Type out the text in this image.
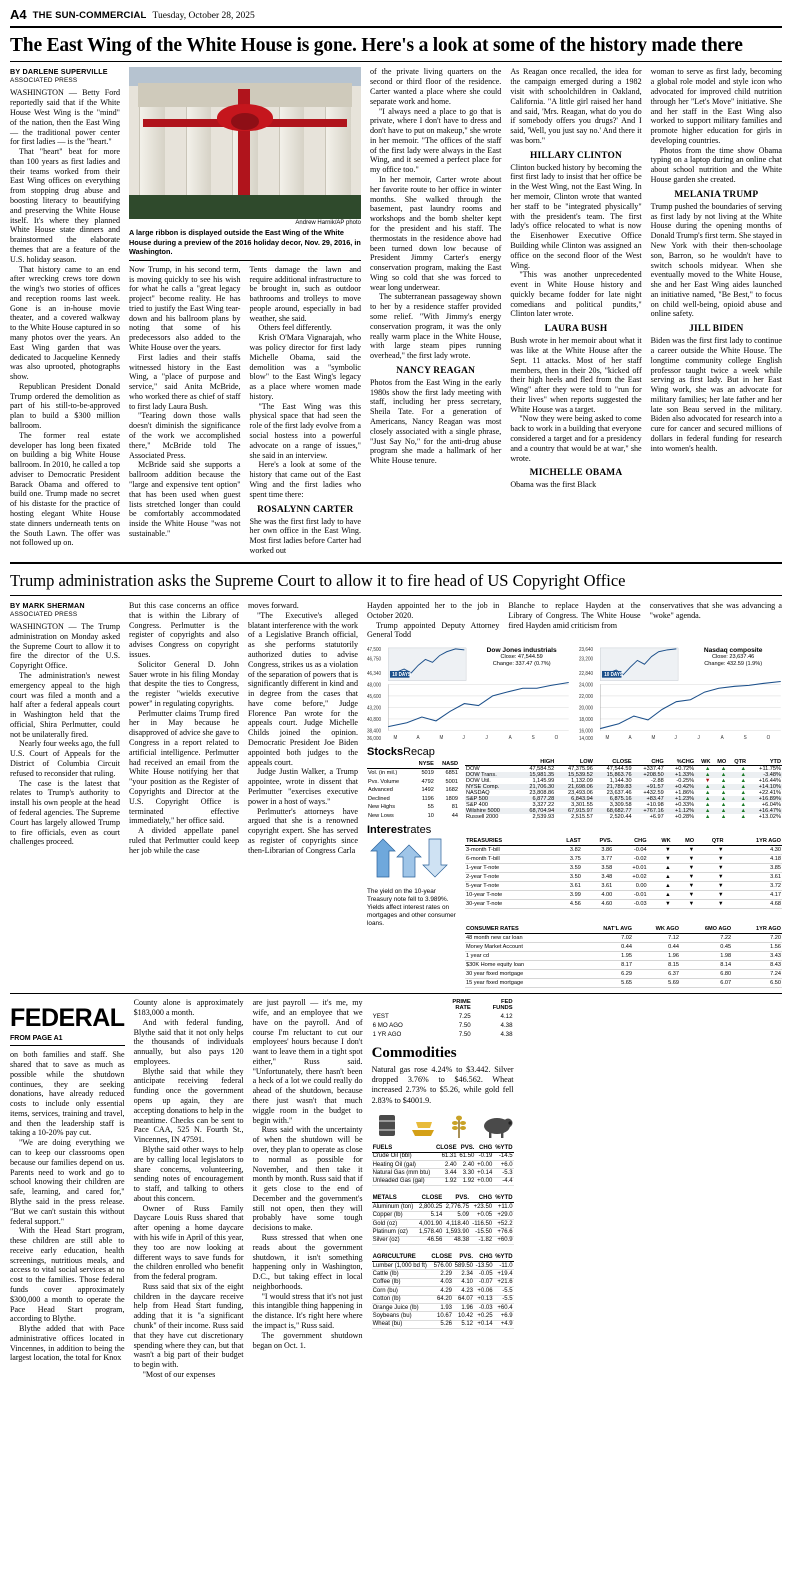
A4 THE SUN-COMMERCIAL Tuesday, October 28, 2025
The East Wing of the White House is gone. Here's a look at some of the history made there
BY DARLENE SUPERVILLE
ASSOCIATED PRESS

WASHINGTON — Betty Ford reportedly said that if the White House West Wing is the "mind" of the nation, then the East Wing — the traditional power center for first ladies — is the "heart."

That "heart" beat for more than 100 years as first ladies and their teams worked from their East Wing offices on everything from stopping drug abuse and boosting literacy to beautifying and preserving the White House itself. It's where they planned White House state dinners and brainstormed the elaborate themes that are a feature of the U.S. holiday season.

That history came to an end after wrecking crews tore down the wing's two stories of offices and reception rooms last week. Gone is an in-house movie theater, and a covered walkway to the White House captured in so many photos over the years. An East Wing garden that was dedicated to Jacqueline Kennedy was also uprooted, photographs show.

Republican President Donald Trump ordered the demolition as part of his still-to-be-approved plan to build a $300 million ballroom.

The former real estate developer has long been fixated on building a big White House ballroom. In 2010, he called a top adviser to Democratic President Barack Obama and offered to build one. Trump made no secret of his distaste for the practice of hosting elegant White House state dinners underneath tents on the South Lawn. The offer was not followed up on.

Andrew Harnik/AP photo
A large ribbon is displayed outside the East Wing of the White House during a preview of the 2016 holiday decor, Nov. 29, 2016, in Washington.

Now Trump, in his second term, is moving quickly to see his wish for what he calls a "great legacy project" become reality. He has tried to justify the East Wing tear-down and his ballroom plans by noting that some of his predecessors also added to the White House over the years.

First ladies and their staffs witnessed history in the East Wing, a "place of purpose and service," said Anita McBride, who worked there as chief of staff to first lady Laura Bush.

"Tearing down those walls doesn't diminish the significance of the work we accomplished there," McBride told The Associated Press.

McBride said she supports a ballroom addition because the "large and expensive tent option" that has been used when guest lists stretched longer than could be comfortably accommodated inside the White House "was not sustainable."

Tents damage the lawn and require additional infrastructure to be brought in, such as outdoor bathrooms and trolleys to move people around, especially in bad weather, she said.

Others feel differently.

Krish O'Mara Vignarajah, who was policy director for first lady Michelle Obama, said the demolition was a "symbolic blow" to the East Wing's legacy as a place where women made history.

"The East Wing was this physical space that had seen the role of the first lady evolve from a social hostess into a powerful advocate on a range of issues," she said in an interview.

Here's a look at some of the history that came out of the East Wing and the first ladies who spent time there:

ROSALYNN CARTER

She was the first first lady to have her own office in the East Wing. Most first ladies before Carter had worked out

of the private living quarters on the second or third floor of the residence. Carter wanted a place where she could separate work and home.

"I always need a place to go that is private, where I don't have to dress and don't have to put on makeup," she wrote in her memoir. "The offices of the staff of the first lady were always in the East Wing, and it seemed a perfect place for my office too."

In her memoir, Carter wrote about her favorite route to her office in winter months. She walked through the basement, past laundry rooms and workshops and the bomb shelter kept for the president and his staff. The thermostats in the residence above had been turned down low because of President Jimmy Carter's energy conservation program, making the East Wing so cold that she was forced to wear long underwear.

The subterranean passageway shown to her by a residence staffer provided some relief. "With Jimmy's energy conservation program, it was the only really warm place in the White House, with large steam pipes running overhead," the first lady wrote.

NANCY REAGAN

Photos from the East Wing in the early 1980s show the first lady meeting with staff, including her press secretary, Sheila Tate. For a generation of Americans, Nancy Reagan was most closely associated with a single phrase, "Just Say No," for the anti-drug abuse program she made a hallmark of her White House tenure.

As Reagan once recalled, the idea for the campaign emerged during a 1982 visit with schoolchildren in Oakland, California. "A little girl raised her hand and said, 'Mrs. Reagan, what do you do if somebody offers you drugs?' And I said, 'Well, you just say no.' And there it was born."

HILLARY CLINTON

Clinton bucked history by becoming the first first lady to insist that her office be in the West Wing, not the East Wing. In her memoir, Clinton wrote that wanted her staff to be "integrated physically" with the president's team. The first lady's office relocated to what is now the Eisenhower Executive Office Building while Clinton was assigned an office on the second floor of the West Wing.

"This was another unprecedented event in White House history and quickly became fodder for late night comedians and political pundits," Clinton later wrote.

LAURA BUSH

Bush wrote in her memoir about what it was like at the White House after the Sept. 11 attacks. Most of her staff members, then in their 20s, "kicked off their high heels and fled from the East Wing" after they were told to "run for their lives" when reports suggested the White House was a target.

"Now they were being asked to come back to work in a building that everyone considered a target and for a presidency and a country that would be at war," she wrote.

MICHELLE OBAMA

Obama was the first Black

woman to serve as first lady, becoming a global role model and style icon who advocated for improved child nutrition through her "Let's Move" initiative. She and her staff in the East Wing also worked to support military families and promote higher education for girls in developing countries.

Photos from the time show Obama typing on a laptop during an online chat about school nutrition and the White House garden she created.

MELANIA TRUMP

Trump pushed the boundaries of serving as first lady by not living at the White House during the opening months of Donald Trump's first term. She stayed in New York with their then-schoolage son, Barron, so he wouldn't have to switch schools midyear. When she eventually moved to the White House, she and her East Wing aides launched an initiative named, "Be Best," to focus on child well-being, opioid abuse and online safety.

JILL BIDEN

Biden was the first first lady to continue a career outside the White House. The longtime community college English professor taught twice a week while serving as first lady. But in her East Wing work, she was an advocate for military families; her late father and her late son Beau served in the military. Biden also advocated for research into a cure for cancer and secured millions of dollars in federal funding for research into women's health.

Trump administration asks the Supreme Court to allow it to fire head of US Copyright Office
BY MARK SHERMAN
ASSOCIATED PRESS

WASHINGTON — The Trump administration on Monday asked the Supreme Court to allow it to fire the director of the U.S. Copyright Office.

The administration's newest emergency appeal to the high court was filed a month and a half after a federal appeals court in Washington held that the official, Shira Perlmutter, could not be unilaterally fired.

Nearly four weeks ago, the full U.S. Court of Appeals for the District of Columbia Circuit refused to reconsider that ruling.

The case is the latest that relates to Trump's authority to install his own people at the head of federal agencies. The Supreme Court has largely allowed Trump to fire officials, even as court challenges proceed.

But this case concerns an office that is within the Library of Congress. Perlmutter is the register of copyrights and also advises Congress on copyright issues.

Solicitor General D. John Sauer wrote in his filing Monday that despite the ties to Congress, the register "wields executive power" in regulating copyrights.

Perlmutter claims Trump fired her in May because he disapproved of advice she gave to Congress in a report related to artificial intelligence. Perlmutter had received an email from the White House notifying her that "your position as the Register of Copyrights and Director at the U.S. Copyright Office is terminated effective immediately," her office said.

A divided appellate panel ruled that Perlmutter could keep her job while the case

moves forward.

"The Executive's alleged blatant interference with the work of a Legislative Branch official, as she performs statutorily authorized duties to advise Congress, strikes us as a violation of the separation of powers that is significantly different in kind and in degree from the cases that have come before," Judge Florence Pan wrote for the appeals court. Judge Michelle Childs joined the opinion. Democratic President Joe Biden appointed both judges to the appeals court.

Judge Justin Walker, a Trump appointee, wrote in dissent that Perlmutter "exercises executive power in a host of ways."

Perlmutter's attorneys have argued that she is a renowned copyright expert. She has served as register of copyrights since then-Librarian of Congress Carla

Hayden appointed her to the job in October 2020.

Trump appointed Deputy Attorney General Todd

Blanche to replace Hayden at the Library of Congress. The White House fired Hayden amid criticism from

conservatives that she was advancing a "woke" agenda.

10 DAYS
47,500
46,750
46,340
48,000
45,600
43,200
40,800
38,400
36,000 M	A	M	J	J	A	S	O
Dow Jones industrials
Close: 47,544.59
Change: 337.47 (0.7%)
10 DAYS
23,640
23,200
22,840
24,000
22,000
20,000
18,000
16,000
14,000 M	A	M	J	J	A	S	O
Nasdaq composite
Close: 23,637.46
Change: 432.59 (1.9%)
StocksRecap
	NYSE	NASD
Vol. (in mil.)	5019	6851
Pvs. Volume	4792	5001
Advanced	1492	1682
Declined	1196	1809
New Highs	55	81
New Lows	10	44
	HIGH	LOW	CLOSE	CHG	%CHG	WK	MO	QTR	YTD
DOW	47,584.52	47,375.96	47,544.59	+337.47	+0.72%	▲	▲	▲	+11.75%
DOW Trans.	15,981.35	15,539.52	15,863.76	+208.50	+1.33%	▲	▲	▲	-3.48%
DOW Util.	1,145.99	1,132.09	1,144.30	-2.88	-0.25%	▼	▲	▲	+16.44%
NYSE Comp.	21,706.30	21,698.06	21,789.83	+91.57	+0.42%	▲	▲	▲	+14.10%
NASDAQ	23,808.86	23,493.06	23,637.46	+432.59	+1.86%	▲	▲	▲	+22.41%
S&P 500	6,877.28	6,843.94	6,875.16	+83.47	+1.23%	▲	▲	▲	+16.89%
S&P 400	3,327.22	3,301.55	3,309.58	+10.98	+0.33%	▲	▲	▲	+6.04%
Wilshire 5000	68,704.94	67,915.97	68,682.77	+767.16	+1.12%	▲	▲	▲	+16.47%
Russell 2000	2,539.93	2,515.57	2,520.44	+6.97	+0.28%	▲	▲	▲	+13.02%
Interestrates
The yield on the 10-year Treasury note fell to 3.989%. Yields affect interest rates on mortgages and other consumer loans.
TREASURIES	LAST	PVS.	CHG	WK	MO	QTR	1YR AGO
3-month T-bill	3.82	3.86	-0.04	▼	▼	▼	4.30
6-month T-bill	3.75	3.77	-0.02	▼	▼	▼	4.18
1-year T-note	3.59	3.58	+0.01	▲	▼	▼	3.85
2-year T-note	3.50	3.48	+0.02	▲	▼	▼	3.61
5-year T-note	3.61	3.61	0.00	▲	▼	▼	3.72
10-year T-note	3.99	4.00	-0.01	▲	▼	▼	4.17
30-year T-note	4.56	4.60	-0.03	▼	▼	▼	4.68
CONSUMER RATES	NAT'L AVG	WK AGO	6MO AGO	1YR AGO
48 month new car loan	7.02	7.12	7.22	7.20
Money Market Account	0.44	0.44	0.45	1.56
1 year cd	1.95	1.96	1.98	3.43
$30K Home equity loan	8.17	8.15	8.14	8.43
30 year fixed mortgage	6.29	6.37	6.80	7.24
15 year fixed mortgage	5.65	5.69	6.07	6.50
FEDERAL
FROM PAGE A1

on both families and staff. She shared that to save as much as possible while the shutdown continues, they are seeking donations, have already reduced costs to include only essential items, services, training and travel, and then the leadership staff is taking a 10-20% pay cut.

"We are doing everything we can to keep our classrooms open because our families depend on us. Parents need to work and go to school knowing their children are safe, learning, and cared for," Blythe said in the press release. "But we can't sustain this without federal support."

With the Head Start program, these children are still able to receive early education, health screenings, nutritious meals, and access to vital social services at no cost to the families. Those federal funds cover approximately $300,000 a month to operate the Pace Head Start program, according to Blythe.

Blythe added that with Pace administrative offices located in Vincennes, in addition to being the largest location, the total for Knox

County alone is approximately $183,000 a month.

And with federal funding, Blythe said that it not only helps the thousands of individuals annually, but also pays 120 employees.

Blythe said that while they anticipate receiving federal funding once the government opens up again, they are accepting donations to help in the meantime. Checks can be sent to Pace CAA, 525 N. Fourth St., Vincennes, IN 47591.

Blythe said other ways to help are by calling local legislators to share concerns, volunteering, sending notes of encouragement to staff, and talking to others about this concern.

Owner of Russ Family Daycare Louis Russ shared that after opening a home daycare with his wife in April of this year, they too are now looking at different ways to save funds for the children enrolled who benefit from the federal program.

Russ said that six of the eight children in the daycare receive help from Head Start funding, adding that it is "a significant chunk" of their income. Russ said that they have cut discretionary spending where they can, but that wasn't a big part of their budget to begin with.

"Most of our expenses

are just payroll — it's me, my wife, and an employee that we have on the payroll. And of course I'm reluctant to cut our employees' hours because I don't want to leave them in a tight spot either," Russ said. "Unfortunately, there hasn't been a heck of a lot we could really do ahead of the shutdown, because there just wasn't that much wiggle room in the budget to begin with."

Russ said with the uncertainty of when the shutdown will be over, they plan to operate as close to normal as possible for November, and then take it month by month. Russ said that if it gets close to the end of December and the government's still not open, then they will probably have some tough decisions to make.

Russ stressed that when one reads about the government shutdown, it isn't something happening only in Washington, D.C., but taking effect in local neighborhoods.

"I would stress that it's not just this intangible thing happening in the distance. It's right here where the impact is," Russ said.

The government shutdown began on Oct. 1.

	PRIME
RATE	FED
FUNDS
YEST	7.25	4.12
6 MO AGO	7.50	4.38
1 YR AGO	7.50	4.38
Commodities

Natural gas rose 4.24% to $3.442. Silver dropped 3.76% to $46.562. Wheat increased 2.73% to $5.26, while gold fell 2.83% to $4001.9.

FUELS	CLOSE	PVS.	CHG	%YTD
Crude Oil (bbl)	61.31	61.50	-0.19	-14.5
Heating Oil (gal)	2.40	2.40	+0.00	+6.0
Natural Gas (mm btu)	3.44	3.30	+0.14	-5.3
Unleaded Gas (gal)	1.92	1.92	+0.00	-4.4
METALS	CLOSE	PVS.	CHG	%YTD
Aluminum (ton)	2,800.25	2,776.75	+23.50	+11.0
Copper (lb)	5.14	5.09	+0.05	+29.0
Gold (oz)	4,001.90	4,118.40	-116.50	+52.2
Platinum (oz)	1,578.40	1,593.90	-15.50	+76.6
Silver (oz)	46.56	48.38	-1.82	+60.9
AGRICULTURE	CLOSE	PVS.	CHG	%YTD
Lumber (1,000 bd ft)	576.00	589.50	-13.50	-11.0
Cattle (lb)	2.29	2.34	-0.05	+19.4
Coffee (lb)	4.03	4.10	-0.07	+21.6
Corn (bu)	4.29	4.23	+0.06	-5.5
Cotton (lb)	64.20	64.07	+0.13	-5.5
Orange Juice (lb)	1.93	1.96	-0.03	+60.4
Soybeans (bu)	10.67	10.42	+0.25	+6.9
Wheat (bu)	5.26	5.12	+0.14	+4.9
